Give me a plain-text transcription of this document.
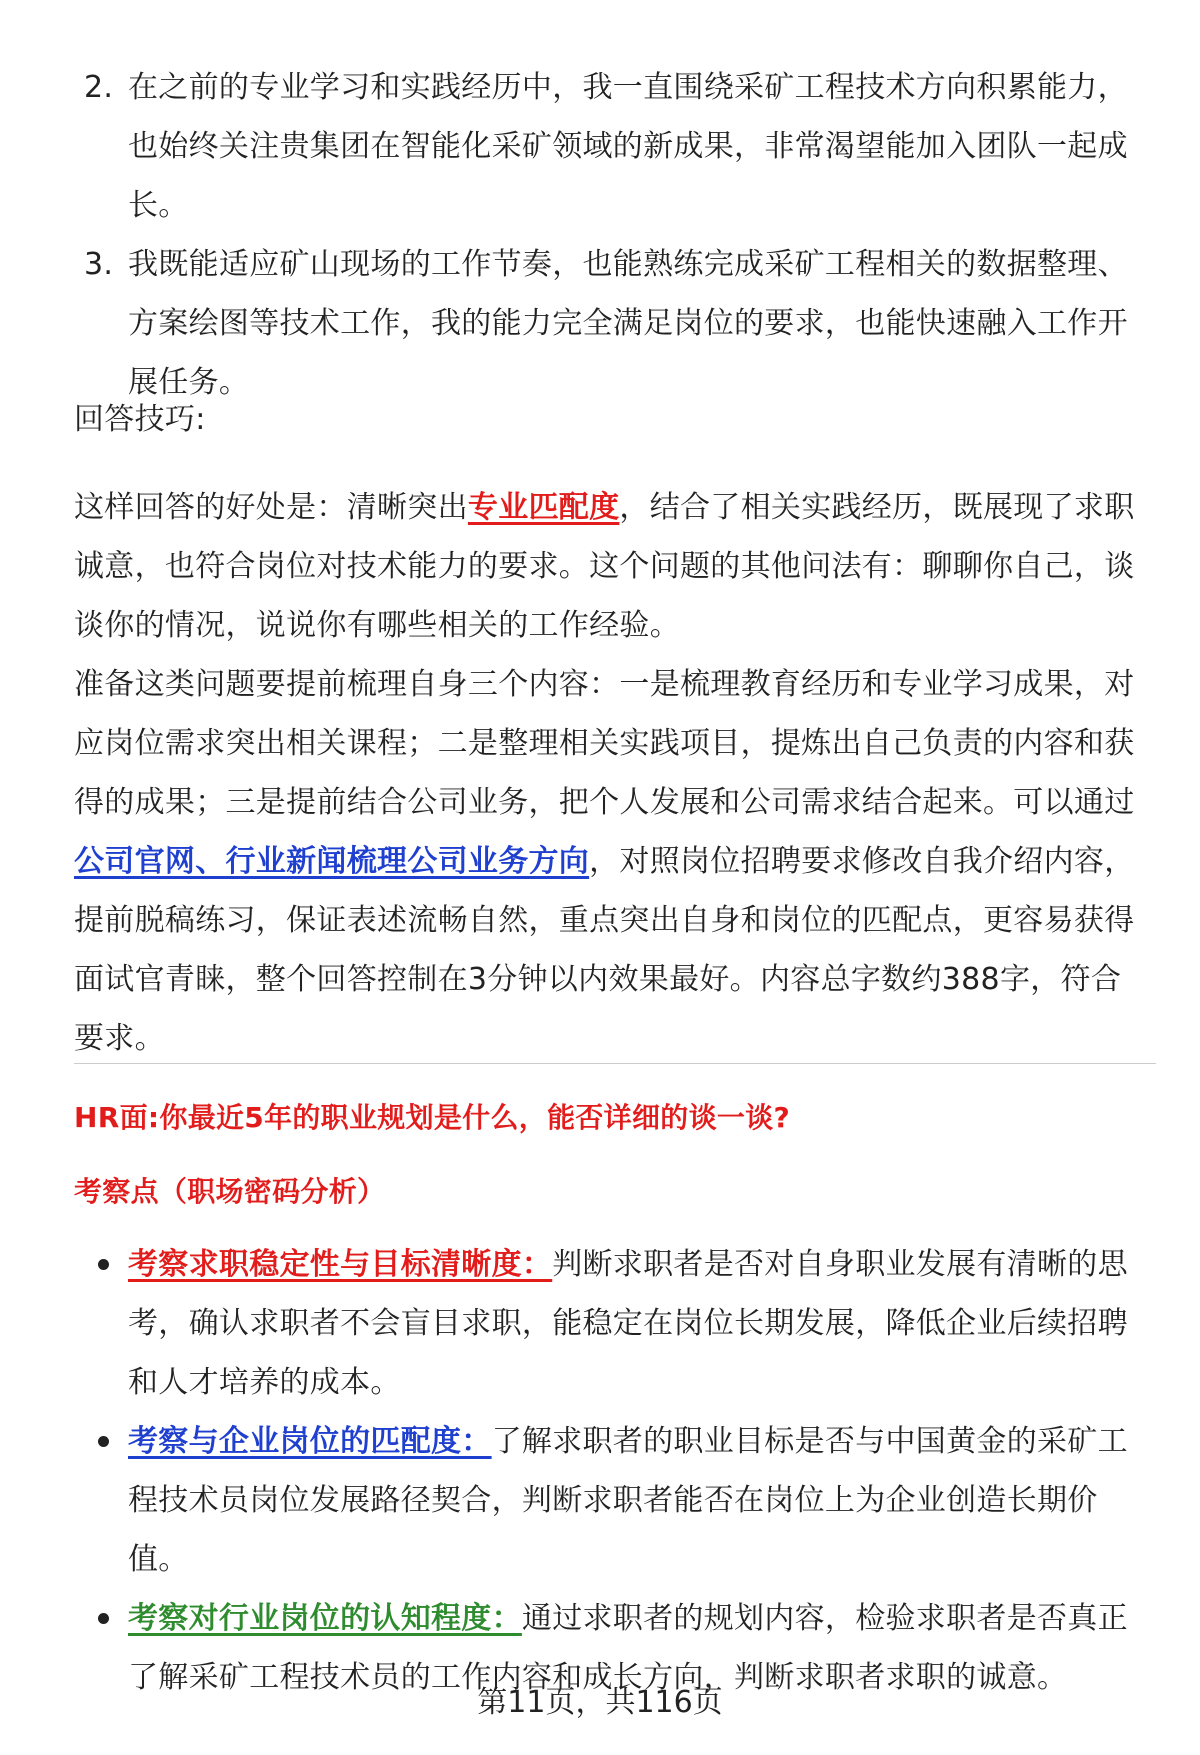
2. 在之前的专业学习和实践经历中，我一直围绕采矿工程技术方向积累能力，也始终关注贵集团在智能化采矿领域的新成果，非常渴望能加入团队一起成长。
3. 我既能适应矿山现场的工作节奏，也能熟练完成采矿工程相关的数据整理、方案绘图等技术工作，我的能力完全满足岗位的要求，也能快速融入工作开展任务。
回答技巧:
这样回答的好处是：清晰突出专业匹配度，结合了相关实践经历，既展现了求职诚意，也符合岗位对技术能力的要求。这个问题的其他问法有：聊聊你自己，谈谈你的情况，说说你有哪些相关的工作经验。
准备这类问题要提前梳理自身三个内容：一是梳理教育经历和专业学习成果，对应岗位需求突出相关课程；二是整理相关实践项目，提炼出自己负责的内容和获得的成果；三是提前结合公司业务，把个人发展和公司需求结合起来。可以通过公司官网、行业新闻梳理公司业务方向，对照岗位招聘要求修改自我介绍内容，提前脱稿练习，保证表述流畅自然，重点突出自身和岗位的匹配点，更容易获得面试官青睐，整个回答控制在3分钟以内效果最好。内容总字数约388字，符合要求。
HR面:你最近5年的职业规划是什么，能否详细的谈一谈?
考察点（职场密码分析）
考察求职稳定性与目标清晰度：判断求职者是否对自身职业发展有清晰的思考，确认求职者不会盲目求职，能稳定在岗位长期发展，降低企业后续招聘和人才培养的成本。
考察与企业岗位的匹配度：了解求职者的职业目标是否与中国黄金的采矿工程技术员岗位发展路径契合，判断求职者能否在岗位上为企业创造长期价值。
考察对行业岗位的认知程度：通过求职者的规划内容，检验求职者是否真正了解采矿工程技术员的工作内容和成长方向，判断求职者求职的诚意。
第11页，共116页
